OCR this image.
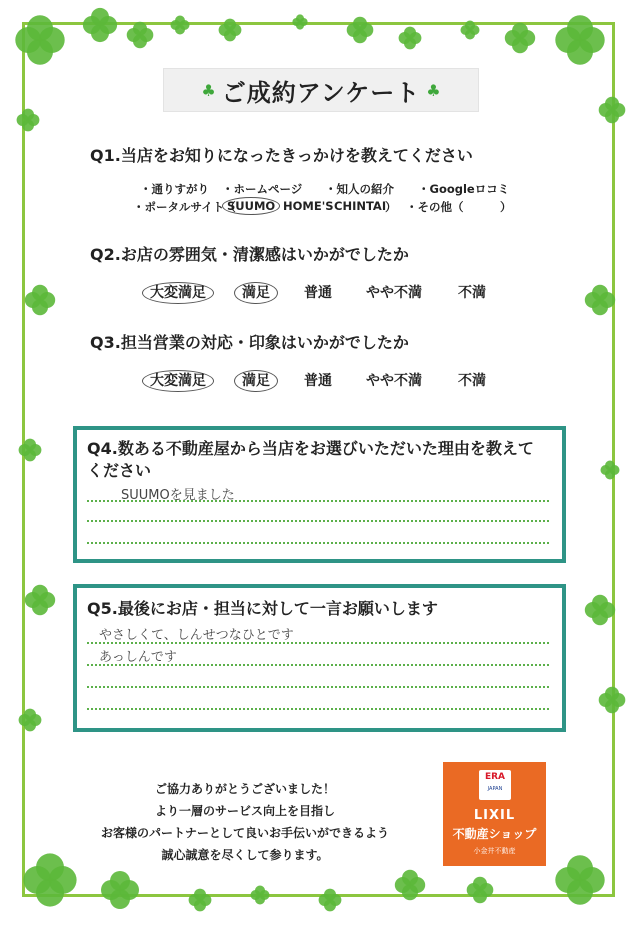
♣ ご成約アンケート ♣
Q1.当店をお知りになったきっかけを教えてください
・通りすがり ・ホームページ ・知人の紹介 ・Googleロコミ
・ポータルサイト（
SUUMO HOME'S CHINTAI
） ・その他（	）
Q2.お店の雰囲気・清潔感はいかがでしたか
大変満足	満足	普通 やや不満	不満
Q3.担当営業の対応・印象はいかがでしたか
大変満足	満足	普通 やや不満	不満
Q4.数ある不動産屋から当店をお選びいただいた理由を教えて
ください
SUUMOを見ました
Q5.最後にお店・担当に対して一言お願いします
やさしくて、しんせつなひとです
あっしんです
ご協力ありがとうございました！
より一層のサービス向上を目指し
お客様のパートナーとして良いお手伝いができるよう
誠心誠意を尽くして参ります。
ERA
JAPAN
LIXIL
不動産ショップ
小金井不動産
